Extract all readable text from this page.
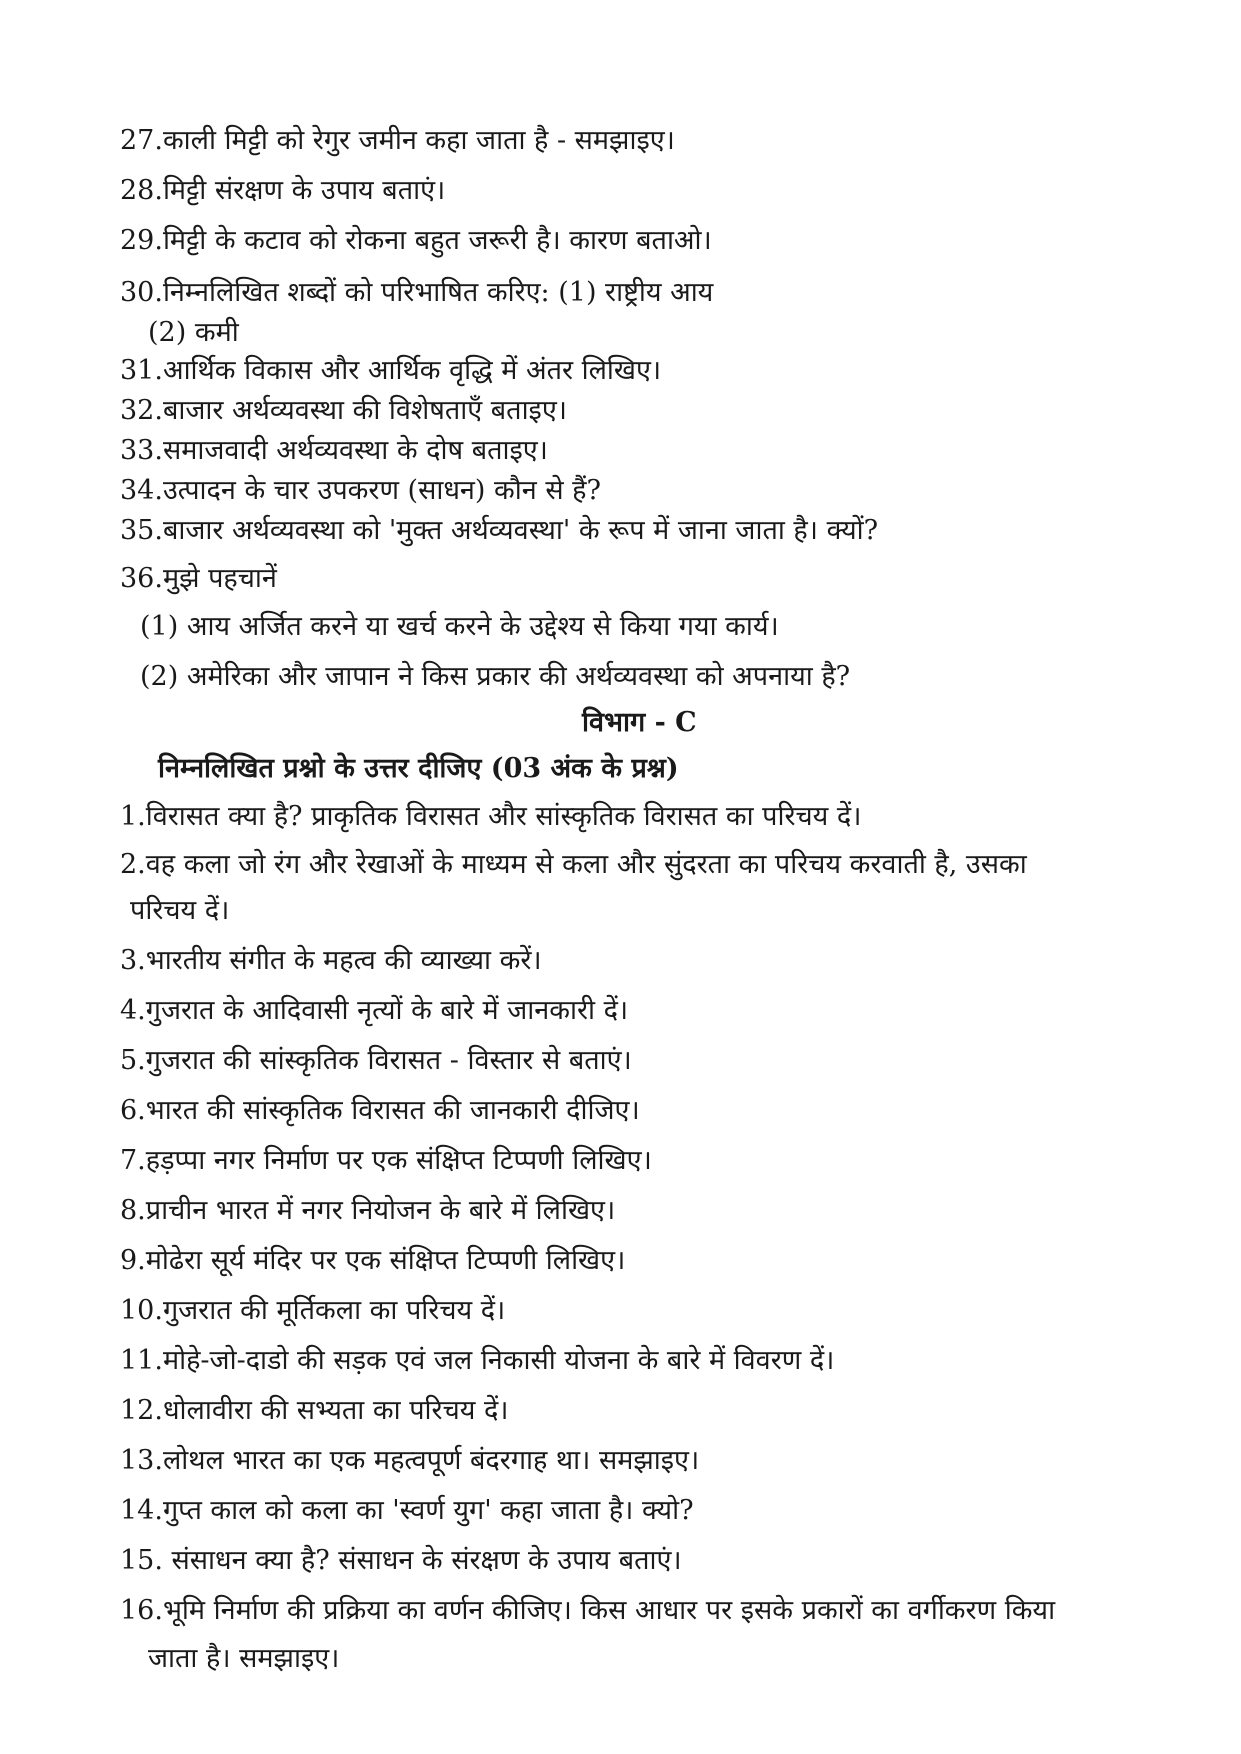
27.काली मिट्टी को रेगुर जमीन कहा जाता है - समझाइए।
28.मिट्टी संरक्षण के उपाय बताएं।
29.मिट्टी के कटाव को रोकना बहुत जरूरी है। कारण बताओ।
30.निम्नलिखित शब्दों को परिभाषित करिए: (1) राष्ट्रीय आय
(2) कमी
31.आर्थिक विकास और आर्थिक वृद्धि में अंतर लिखिए।
32.बाजार अर्थव्यवस्था की विशेषताएँ बताइए।
33.समाजवादी अर्थव्यवस्था के दोष बताइए।
34.उत्पादन के चार उपकरण (साधन) कौन से हैं?
35.बाजार अर्थव्यवस्था को 'मुक्त अर्थव्यवस्था' के रूप में जाना जाता है। क्यों?
36.मुझे पहचानें
(1) आय अर्जित करने या खर्च करने के उद्देश्य से किया गया कार्य।
(2) अमेरिका और जापान ने किस प्रकार की अर्थव्यवस्था को अपनाया है?
विभाग - C
निम्नलिखित प्रश्नो के उत्तर दीजिए (03 अंक के प्रश्न)
1.विरासत क्या है? प्राकृतिक विरासत और सांस्कृतिक विरासत का परिचय दें।
2.वह कला जो रंग और रेखाओं के माध्यम से कला और सुंदरता का परिचय करवाती है, उसका
परिचय दें।
3.भारतीय संगीत के महत्व की व्याख्या करें।
4.गुजरात के आदिवासी नृत्यों के बारे में जानकारी दें।
5.गुजरात की सांस्कृतिक विरासत - विस्तार से बताएं।
6.भारत की सांस्कृतिक विरासत की जानकारी दीजिए।
7.हड़प्पा नगर निर्माण पर एक संक्षिप्त टिप्पणी लिखिए।
8.प्राचीन भारत में नगर नियोजन के बारे में लिखिए।
9.मोढेरा सूर्य मंदिर पर एक संक्षिप्त टिप्पणी लिखिए।
10.गुजरात की मूर्तिकला का परिचय दें।
11.मोहे-जो-दाडो की सड़क एवं जल निकासी योजना के बारे में विवरण दें।
12.धोलावीरा की सभ्यता का परिचय दें।
13.लोथल भारत का एक महत्वपूर्ण बंदरगाह था। समझाइए।
14.गुप्त काल को कला का 'स्वर्ण युग' कहा जाता है। क्यो?
15. संसाधन क्या है? संसाधन के संरक्षण के उपाय बताएं।
16.भूमि निर्माण की प्रक्रिया का वर्णन कीजिए। किस आधार पर इसके प्रकारों का वर्गीकरण किया
जाता है। समझाइए।
